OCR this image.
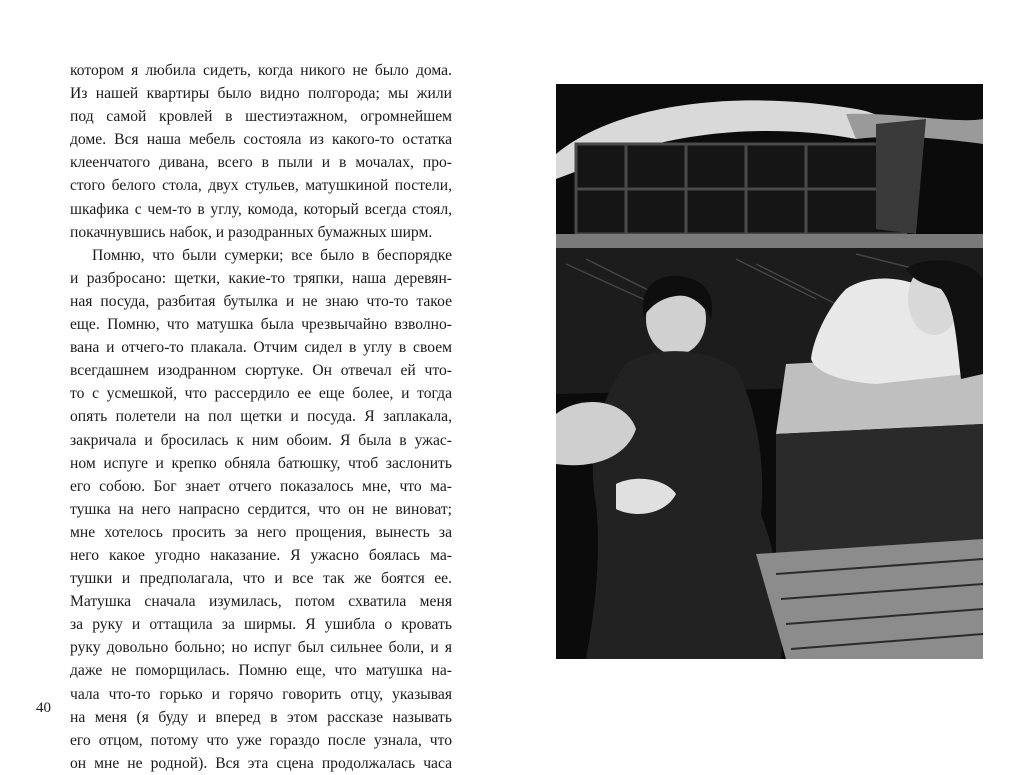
котором я любила сидеть, когда никого не было дома.
Из нашей квартиры было видно полгорода; мы жили
под самой кровлей в шестиэтажном, огромнейшем
доме. Вся наша мебель состояла из какого-то остатка
клеенчатого дивана, всего в пыли и в мочалах, про-
стого белого стола, двух стульев, матушкиной постели,
шкафика с чем-то в углу, комода, который всегда стоял,
покачнувшись набок, и разодранных бумажных ширм.
Помню, что были сумерки; все было в беспорядке
и разбросано: щетки, какие-то тряпки, наша деревян-
ная посуда, разбитая бутылка и не знаю что-то такое
еще. Помню, что матушка была чрезвычайно взволно-
вана и отчего-то плакала. Отчим сидел в углу в своем
всегдашнем изодранном сюртуке. Он отвечал ей что-
то с усмешкой, что рассердило ее еще более, и тогда
опять полетели на пол щетки и посуда. Я заплакала,
закричала и бросилась к ним обоим. Я была в ужас-
ном испуге и крепко обняла батюшку, чтоб заслонить
его собою. Бог знает отчего показалось мне, что ма-
тушка на него напрасно сердится, что он не виноват;
мне хотелось просить за него прощения, вынесть за
него какое угодно наказание. Я ужасно боялась ма-
тушки и предполагала, что и все так же боятся ее.
Матушка сначала изумилась, потом схватила меня
за руку и оттащила за ширмы. Я ушибла о кровать
руку довольно больно; но испуг был сильнее боли, и я
даже не поморщилась. Помню еще, что матушка на-
чала что-то горько и горячо говорить отцу, указывая
на меня (я буду и вперед в этом рассказе называть
его отцом, потому что уже гораздо после узнала, что
он мне не родной). Вся эта сцена продолжалась часа
40
